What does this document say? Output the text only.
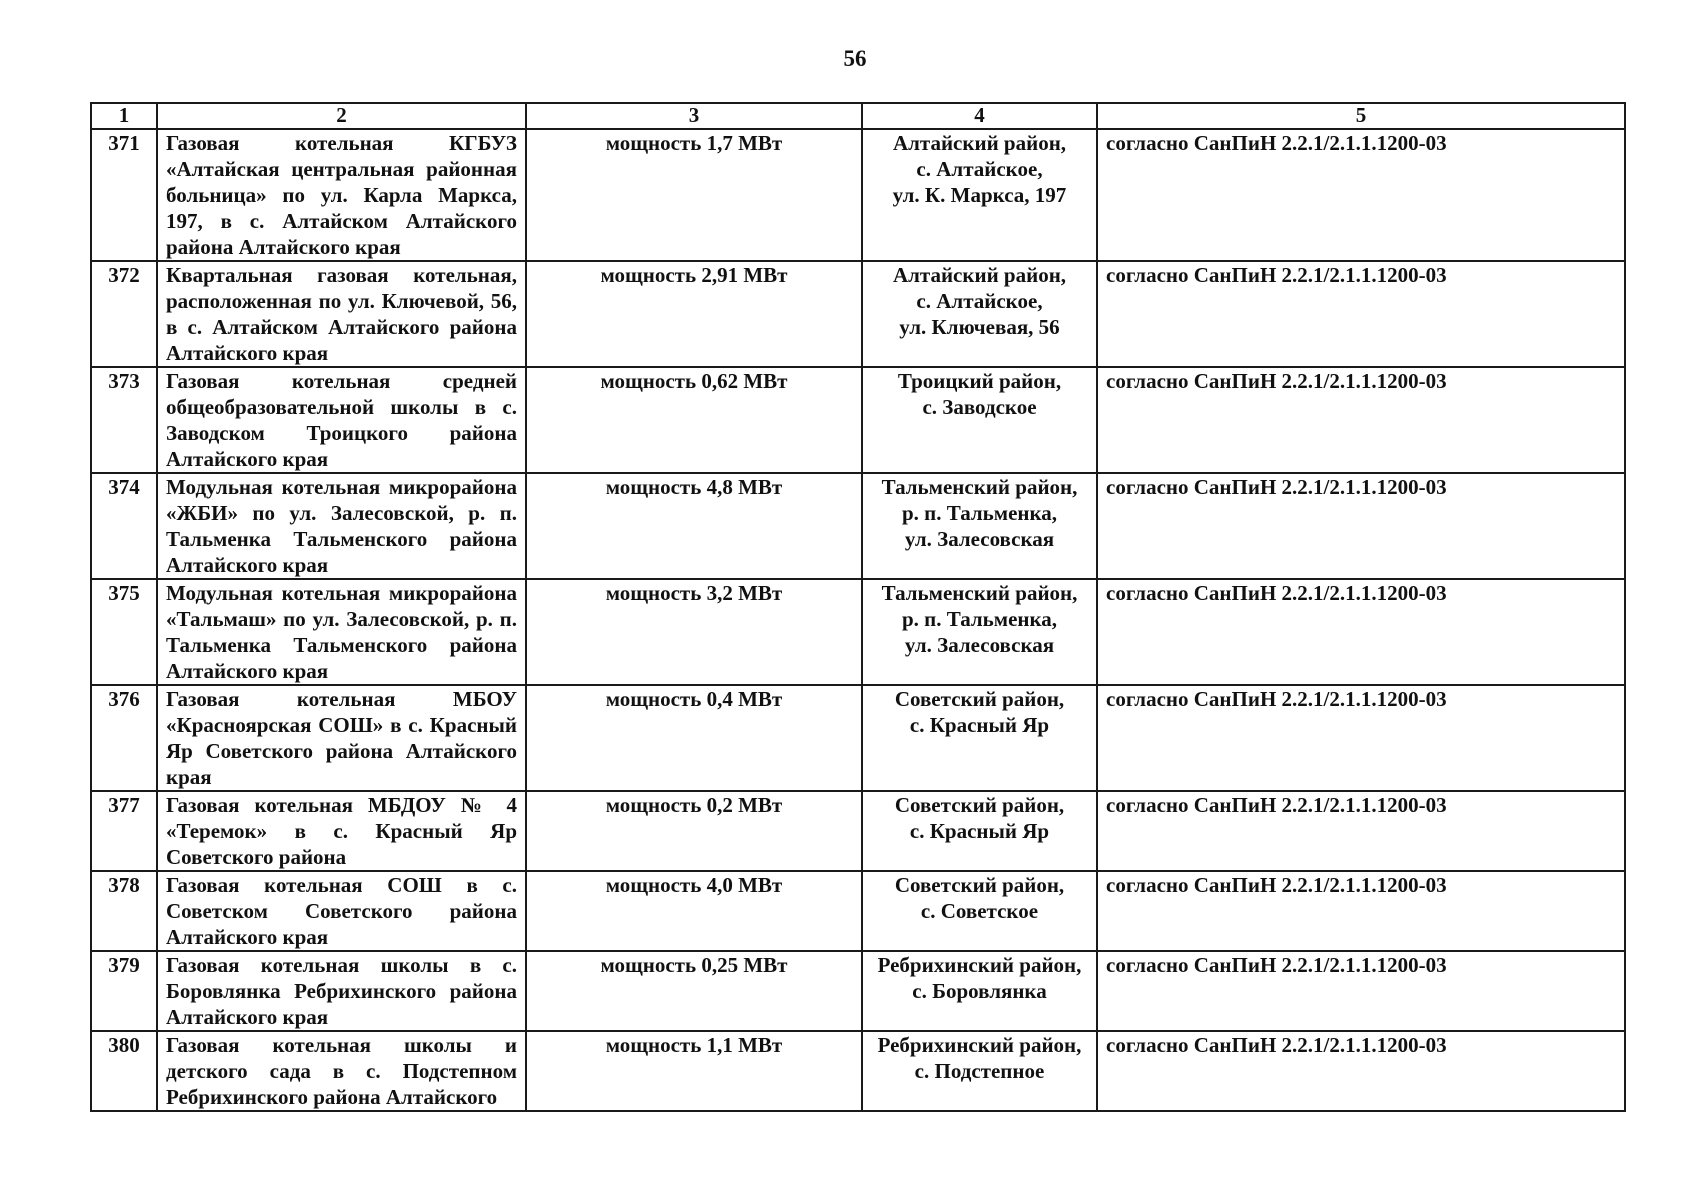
56
1	2	3	4	5
371	Газовая котельная КГБУЗ «Алтайская центральная районная больница» по ул. Карла Маркса, 197, в с. Алтайском Алтайского района Алтайского края	мощность 1,7 МВт	Алтайский район,
с. Алтайское,
ул. К. Маркса, 197	согласно СанПиН 2.2.1/2.1.1.1200-03
372	Квартальная газовая котельная, расположенная по ул. Ключевой, 56, в с. Алтайском Алтайского района Алтайского края	мощность 2,91 МВт	Алтайский район,
с. Алтайское,
ул. Ключевая, 56	согласно СанПиН 2.2.1/2.1.1.1200-03
373	Газовая котельная средней общеобразовательной школы в с. Заводском Троицкого района Алтайского края	мощность 0,62 МВт	Троицкий район,
с. Заводское	согласно СанПиН 2.2.1/2.1.1.1200-03
374	Модульная котельная микрорайона «ЖБИ» по ул. Залесовской, р. п. Тальменка Тальменского района Алтайского края	мощность 4,8 МВт	Тальменский район,
р. п. Тальменка,
ул. Залесовская	согласно СанПиН 2.2.1/2.1.1.1200-03
375	Модульная котельная микрорайона «Тальмаш» по ул. Залесовской, р. п. Тальменка Тальменского района Алтайского края	мощность 3,2 МВт	Тальменский район,
р. п. Тальменка,
ул. Залесовская	согласно СанПиН 2.2.1/2.1.1.1200-03
376	Газовая котельная МБОУ «Красноярская СОШ» в с. Красный Яр Советского района Алтайского края	мощность 0,4 МВт	Советский район,
с. Красный Яр	согласно СанПиН 2.2.1/2.1.1.1200-03
377	Газовая котельная МБДОУ № 4 «Теремок» в с. Красный Яр Советского района	мощность 0,2 МВт	Советский район,
с. Красный Яр	согласно СанПиН 2.2.1/2.1.1.1200-03
378	Газовая котельная СОШ в с. Советском Советского района Алтайского края	мощность 4,0 МВт	Советский район,
с. Советское	согласно СанПиН 2.2.1/2.1.1.1200-03
379	Газовая котельная школы в с. Боровлянка Ребрихинского района Алтайского края	мощность 0,25 МВт	Ребрихинский район,
с. Боровлянка	согласно СанПиН 2.2.1/2.1.1.1200-03
380	Газовая котельная школы и детского сада в с. Подстепном Ребрихинского района Алтайского	мощность 1,1 МВт	Ребрихинский район,
с. Подстепное	согласно СанПиН 2.2.1/2.1.1.1200-03
